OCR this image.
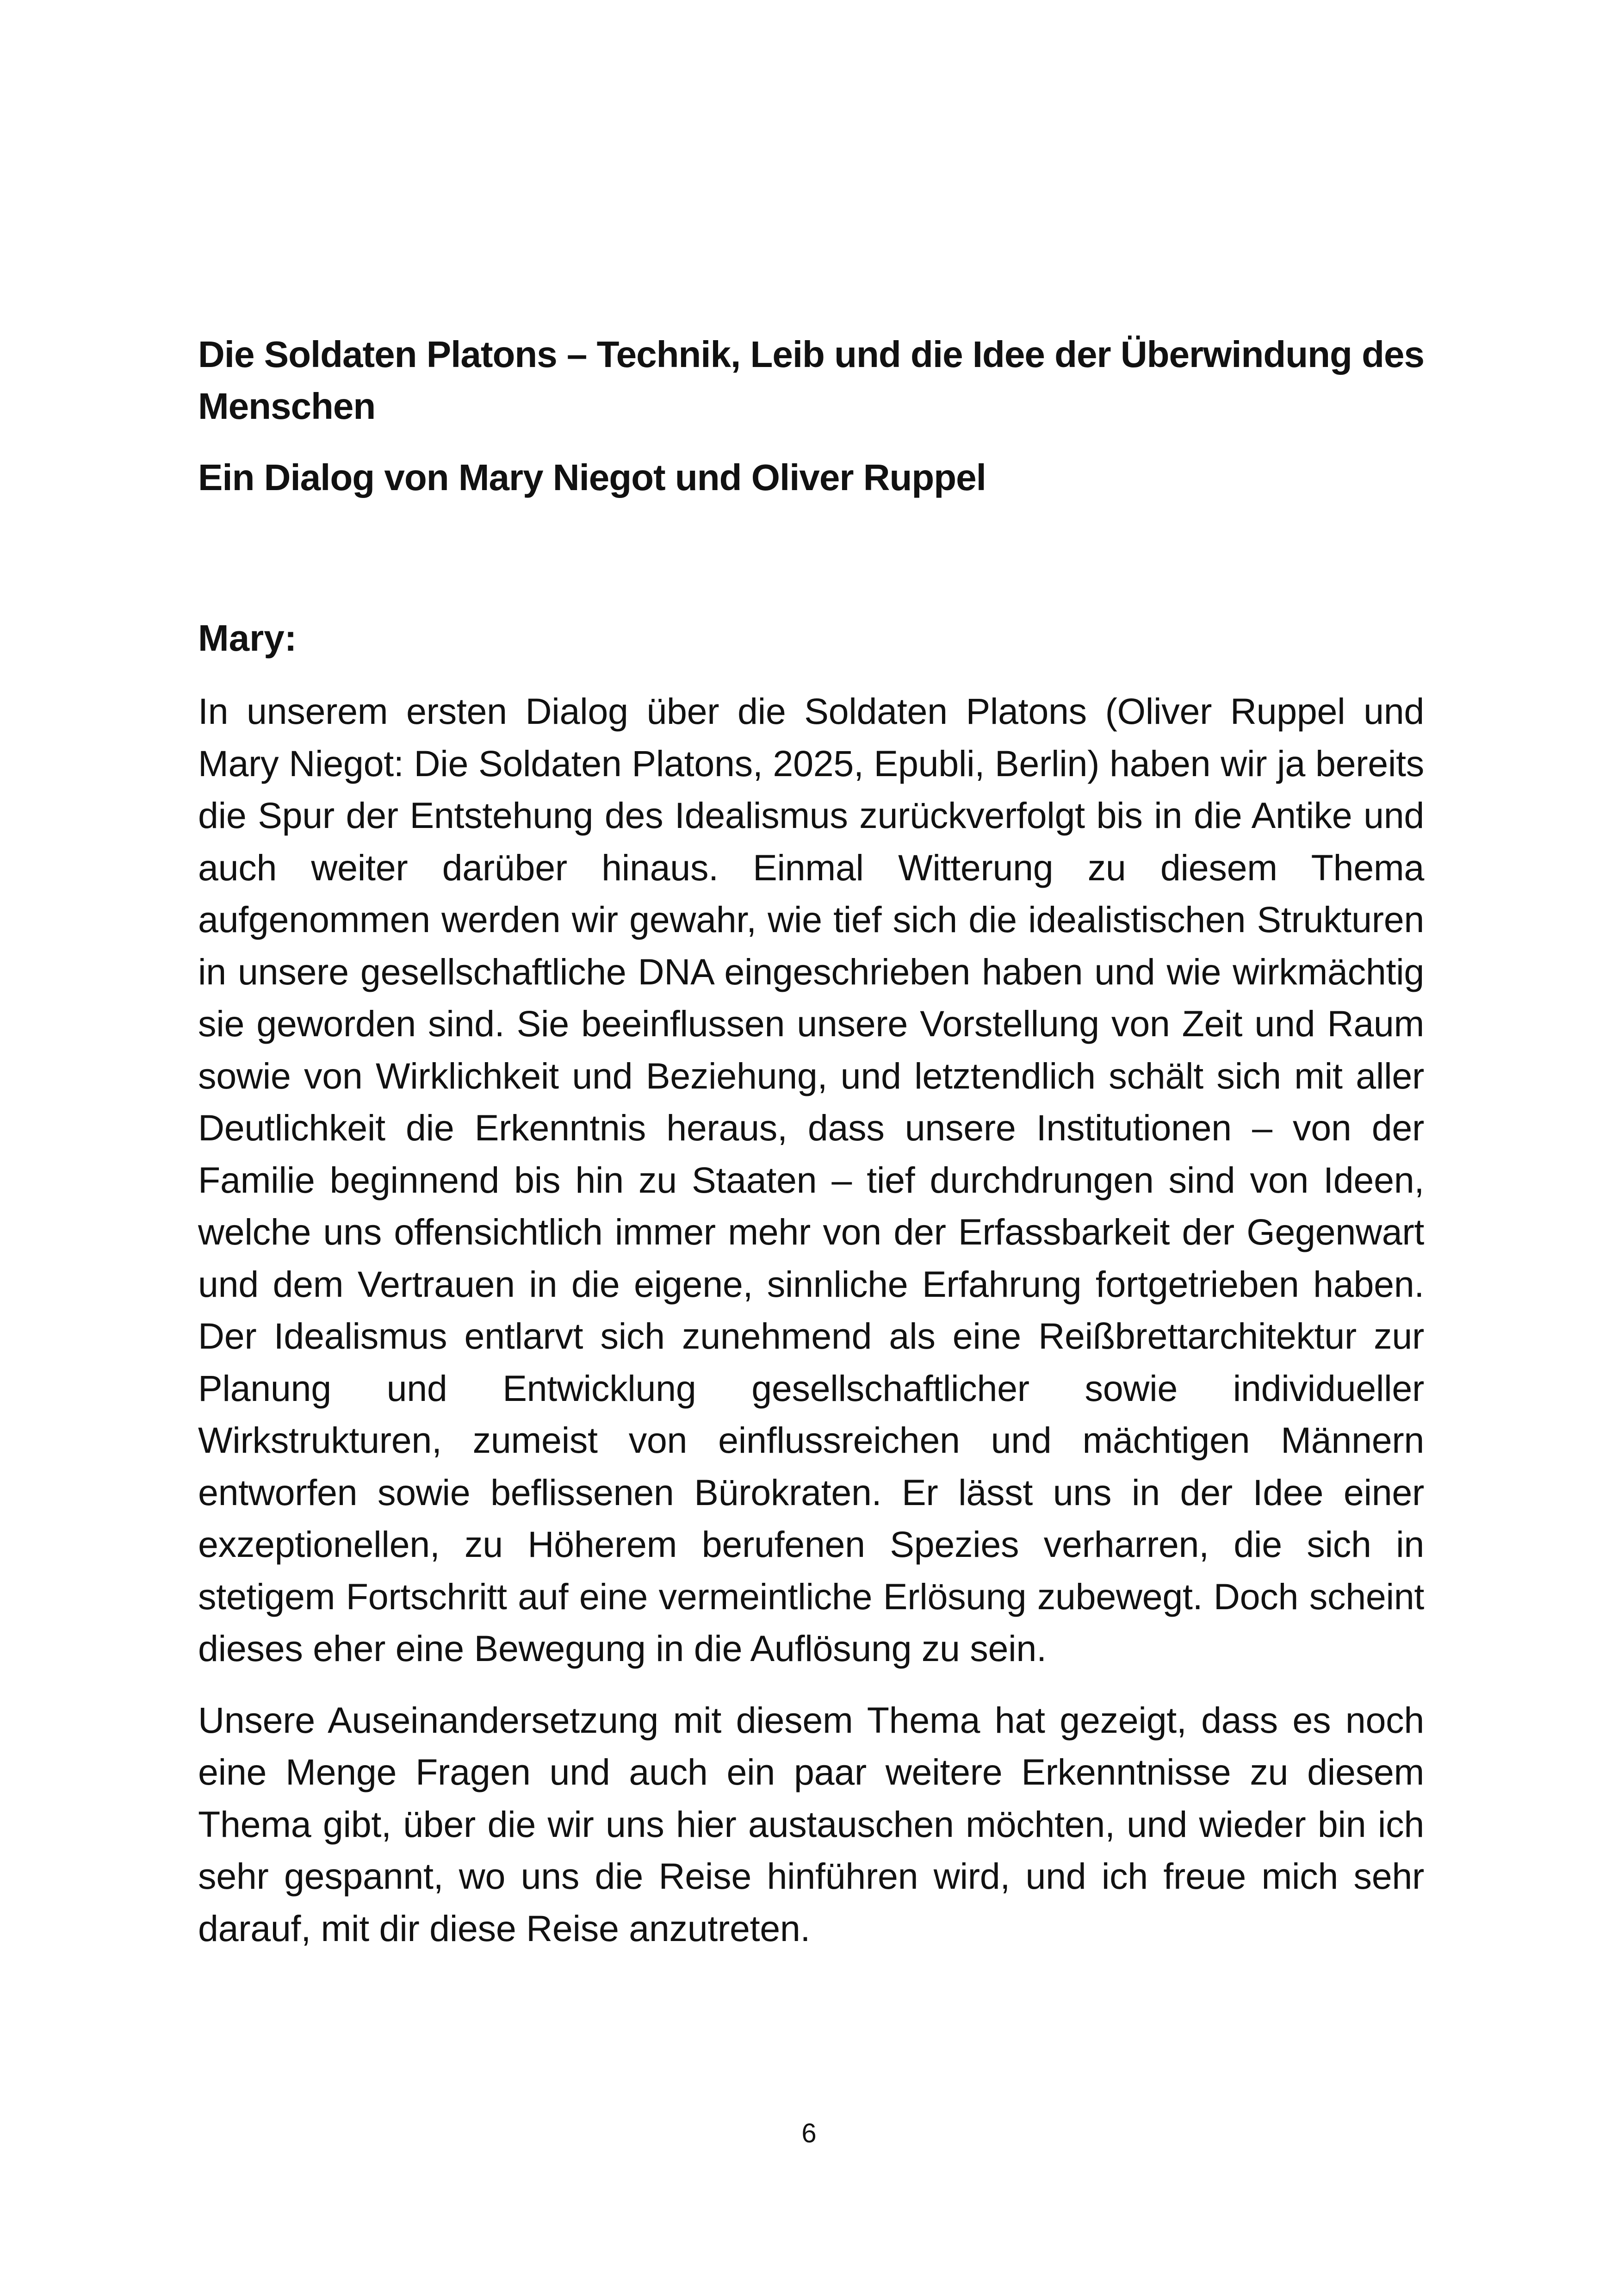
Die Soldaten Platons – Technik, Leib und die Idee der Überwindung des Menschen
Ein Dialog von Mary Niegot und Oliver Ruppel
Mary:

In unserem ersten Dialog über die Soldaten Platons (Oliver Ruppel und Mary Niegot: Die Soldaten Platons, 2025, Epubli, Berlin) haben wir ja bereits die Spur der Entstehung des Idealismus zurückverfolgt bis in die Antike und auch weiter darüber hinaus. Einmal Witterung zu diesem Thema aufgenommen werden wir gewahr, wie tief sich die idealistischen Strukturen in unsere gesellschaftliche DNA eingeschrieben haben und wie wirkmächtig sie geworden sind. Sie beeinflussen unsere Vorstellung von Zeit und Raum sowie von Wirklichkeit und Beziehung, und letztendlich schält sich mit aller Deutlichkeit die Erkenntnis heraus, dass unsere Institutionen – von der Familie beginnend bis hin zu Staaten – tief durchdrungen sind von Ideen, welche uns offensichtlich immer mehr von der Erfassbarkeit der Gegenwart und dem Vertrauen in die eigene, sinnliche Erfahrung fortgetrieben haben. Der Idealismus entlarvt sich zunehmend als eine Reißbrettarchitektur zur Planung und Entwicklung gesellschaftlicher sowie individueller Wirkstrukturen, zumeist von einflussreichen und mächtigen Männern entworfen sowie beflissenen Bürokraten. Er lässt uns in der Idee einer exzeptionellen, zu Höherem berufenen Spezies verharren, die sich in stetigem Fortschritt auf eine vermeintliche Erlösung zubewegt. Doch scheint dieses eher eine Bewegung in die Auflösung zu sein.

Unsere Auseinandersetzung mit diesem Thema hat gezeigt, dass es noch eine Menge Fragen und auch ein paar weitere Erkenntnisse zu diesem Thema gibt, über die wir uns hier austauschen möchten, und wieder bin ich sehr gespannt, wo uns die Reise hinführen wird, und ich freue mich sehr darauf, mit dir diese Reise anzutreten.

6
